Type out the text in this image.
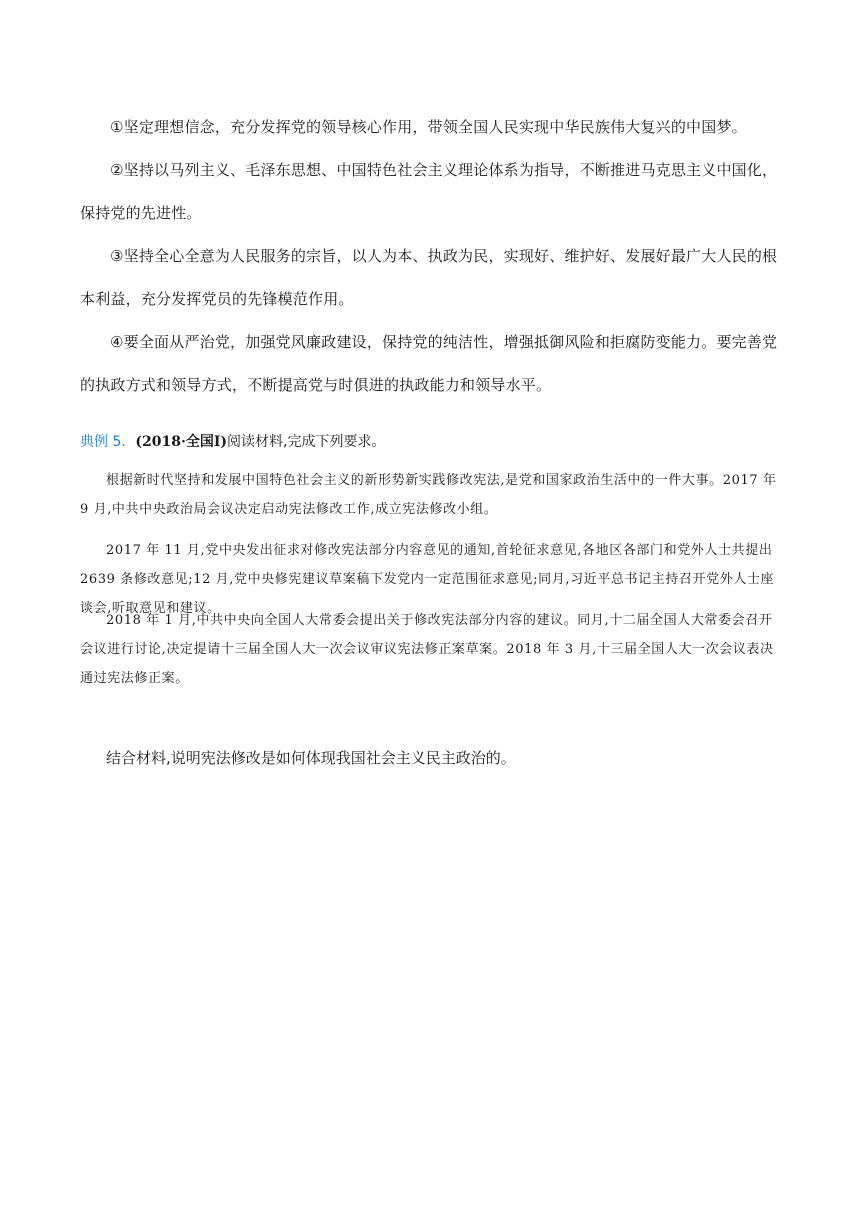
①坚定理想信念，充分发挥党的领导核心作用，带领全国人民实现中华民族伟大复兴的中国梦。
②坚持以马列主义、毛泽东思想、中国特色社会主义理论体系为指导，不断推进马克思主义中国化，保持党的先进性。
③坚持全心全意为人民服务的宗旨，以人为本、执政为民，实现好、维护好、发展好最广大人民的根本利益，充分发挥党员的先锋模范作用。
④要全面从严治党，加强党风廉政建设，保持党的纯洁性，增强抵御风险和拒腐防变能力。要完善党的执政方式和领导方式，不断提高党与时俱进的执政能力和领导水平。
典例 5．(2018·全国Ⅰ)阅读材料,完成下列要求。
根据新时代坚持和发展中国特色社会主义的新形势新实践修改宪法,是党和国家政治生活中的一件大事。2017 年 9 月,中共中央政治局会议决定启动宪法修改工作,成立宪法修改小组。
2017 年 11 月,党中央发出征求对修改宪法部分内容意见的通知,首轮征求意见,各地区各部门和党外人士共提出 2639 条修改意见;12 月,党中央修宪建议草案稿下发党内一定范围征求意见;同月,习近平总书记主持召开党外人士座谈会,听取意见和建议。
2018 年 1 月,中共中央向全国人大常委会提出关于修改宪法部分内容的建议。同月,十二届全国人大常委会召开会议进行讨论,决定提请十三届全国人大一次会议审议宪法修正案草案。2018 年 3 月,十三届全国人大一次会议表决通过宪法修正案。
结合材料,说明宪法修改是如何体现我国社会主义民主政治的。
